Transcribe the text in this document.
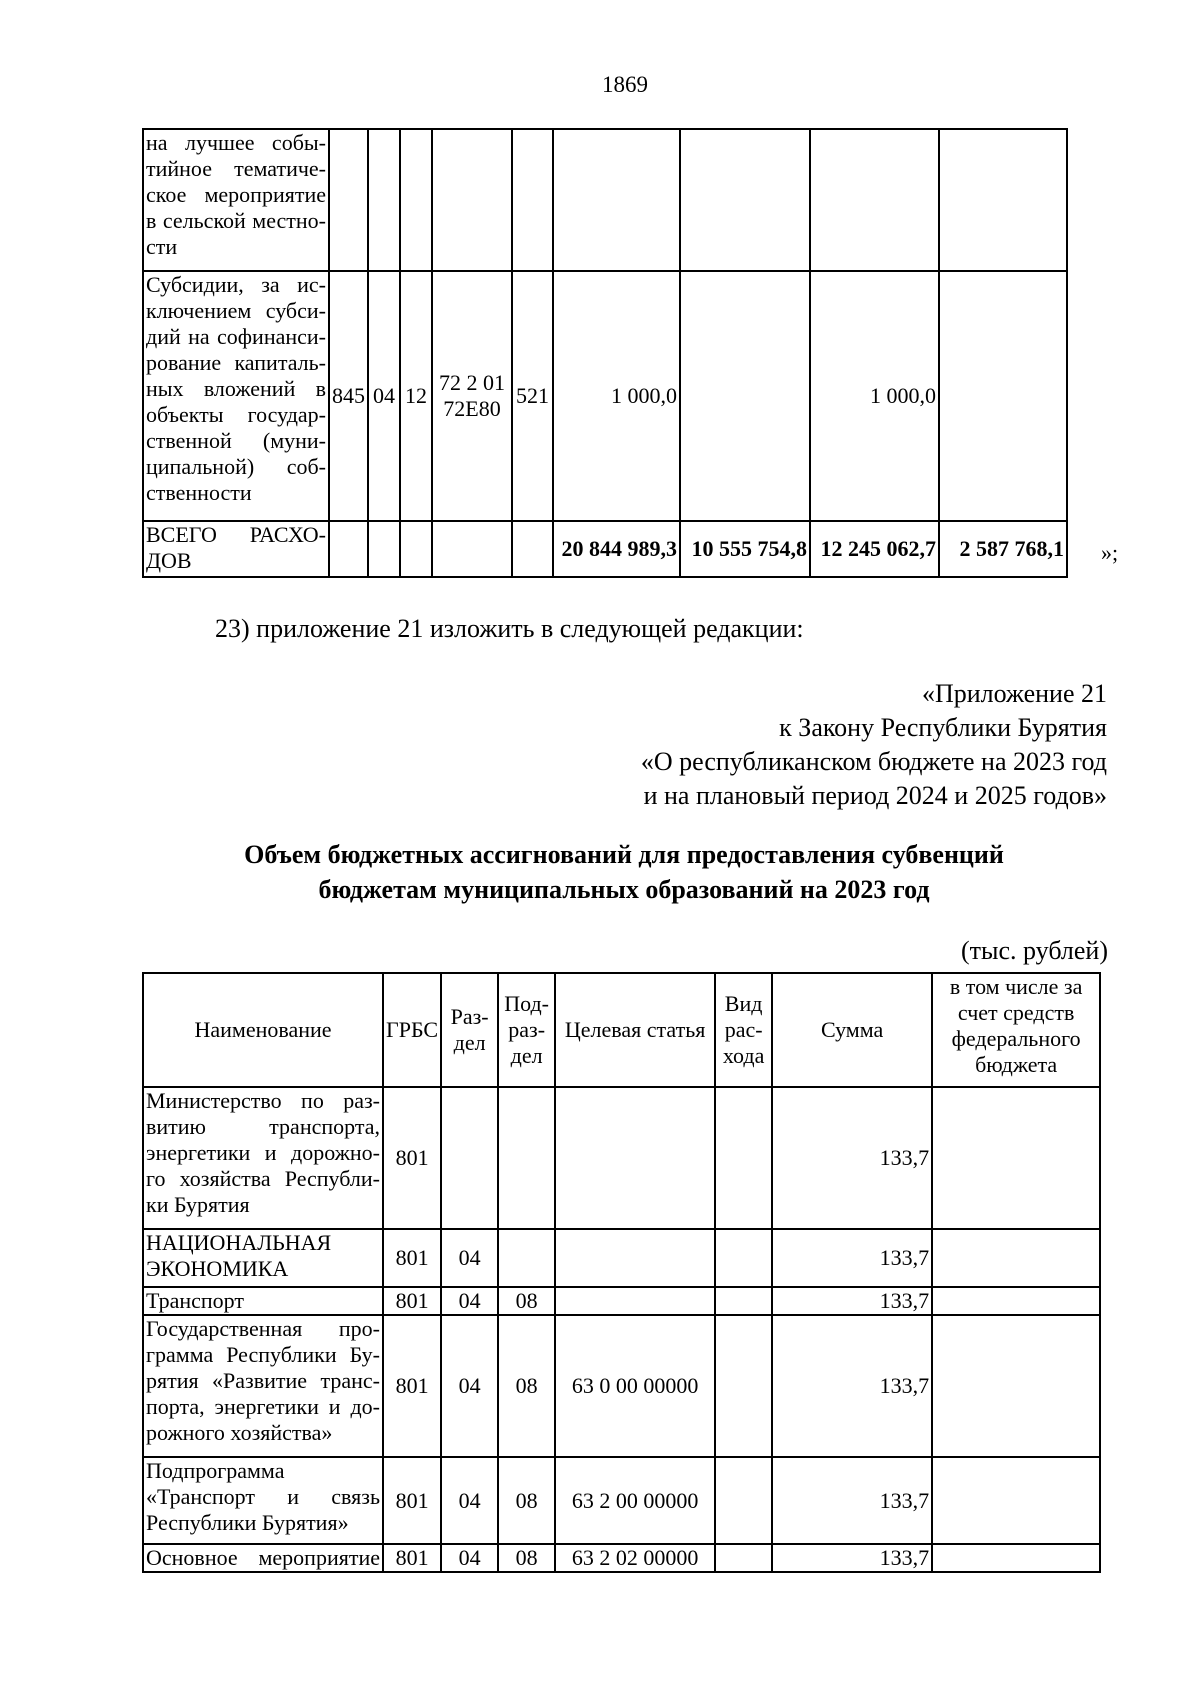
1869
на лучшее собы-тийное тематиче-ское мероприятие в сельской местно-сти									
Субсидии, за ис-ключением субси-дий на софинанси-рование капиталь-ных вложений в объекты государ-ственной (муни-ципальной) соб-ственности	845	04	12	72 2 01 72Е80	521	1 000,0		1 000,0	
ВСЕГО РАСХО-ДОВ						20 844 989,3	10 555 754,8	12 245 062,7	2 587 768,1 »;
23) приложение 21 изложить в следующей редакции:
«Приложение 21
к Закону Республики Бурятия
«О республиканском бюджете на 2023 год
и на плановый период 2024 и 2025 годов»
Объем бюджетных ассигнований для предоставления субвенций
бюджетам муниципальных образований на 2023 год
(тыс. рублей)
Наименование	ГРБС	Раз-дел	Под-раз-дел	Целевая статья	Вид рас-хода	Сумма	в том числе за счет средств федерального бюджета
Министерство по раз-витию транспорта, энергетики и дорожно-го хозяйства Республи-ки Бурятия	801					133,7	
НАЦИОНАЛЬНАЯ ЭКОНОМИКА	801	04				133,7	
Транспорт	801	04	08			133,7	
Государственная про-грамма Республики Бу-рятия «Развитие транс-порта, энергетики и до-рожного хозяйства»	801	04	08	63 0 00 00000		133,7	
Подпрограмма «Транспорт и связь Республики Бурятия»	801	04	08	63 2 00 00000		133,7	
Основное мероприятие	801	04	08	63 2 02 00000		133,7	
